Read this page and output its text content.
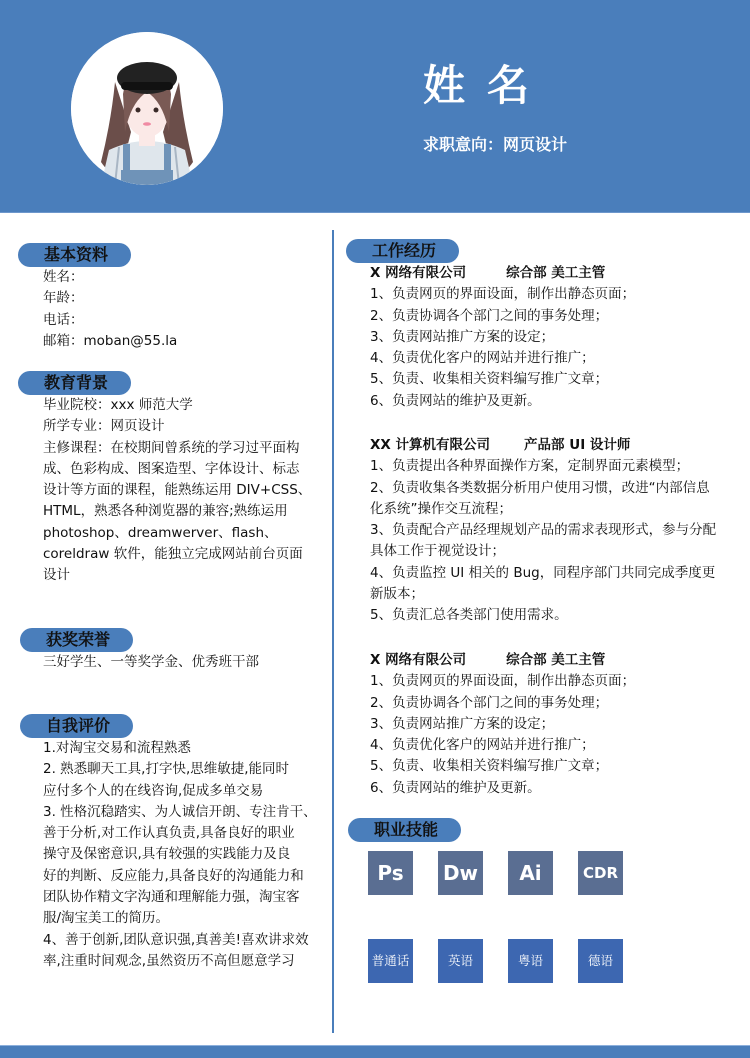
姓名
求职意向：网页设计
基本资料
姓名：
年龄：
电话：
邮箱：moban@55.la
教育背景
毕业院校：xxx 师范大学
所学专业：网页设计
主修课程：在校期间曾系统的学习过平面构
成、色彩构成、图案造型、字体设计、标志
设计等方面的课程，能熟练运用 DIV+CSS、
HTML，熟悉各种浏览器的兼容;熟练运用
photoshop、dreamwerver、flash、
coreldraw 软件，能独立完成网站前台页面
设计
获奖荣誉
三好学生、一等奖学金、优秀班干部
自我评价
1.对淘宝交易和流程熟悉
2. 熟悉聊天工具,打字快,思维敏捷,能同时
应付多个人的在线咨询,促成多单交易
3. 性格沉稳踏实、为人诚信开朗、专注肯干、
善于分析,对工作认真负责,具备良好的职业
操守及保密意识,具有较强的实践能力及良
好的判断、反应能力,具备良好的沟通能力和
团队协作精文字沟通和理解能力强，淘宝客
服/淘宝美工的简历。
4、善于创新,团队意识强,真善美!喜欢讲求效
率,注重时间观念,虽然资历不高但愿意学习
工作经历
X 网络有限公司	综合部 美工主管
1、负责网页的界面设面，制作出静态页面；
2、负责协调各个部门之间的事务处理；
3、负责网站推广方案的设定；
4、负责优化客户的网站并进行推广；
5、负责、收集相关资料编写推广文章；
6、负责网站的维护及更新。
XX 计算机有限公司	产品部 UI 设计师
1、负责提出各种界面操作方案，定制界面元素模型；
2、负责收集各类数据分析用户使用习惯，改进“内部信息
化系统”操作交互流程；
3、负责配合产品经理规划产品的需求表现形式，参与分配
具体工作于视觉设计；
4、负责监控 UI 相关的 Bug，同程序部门共同完成季度更
新版本；
5、负责汇总各类部门使用需求。
X 网络有限公司	综合部 美工主管
1、负责网页的界面设面，制作出静态页面；
2、负责协调各个部门之间的事务处理；
3、负责网站推广方案的设定；
4、负责优化客户的网站并进行推广；
5、负责、收集相关资料编写推广文章；
6、负责网站的维护及更新。
职业技能
Ps	Dw	Ai	CDR
普通话	英语	粤语	德语
